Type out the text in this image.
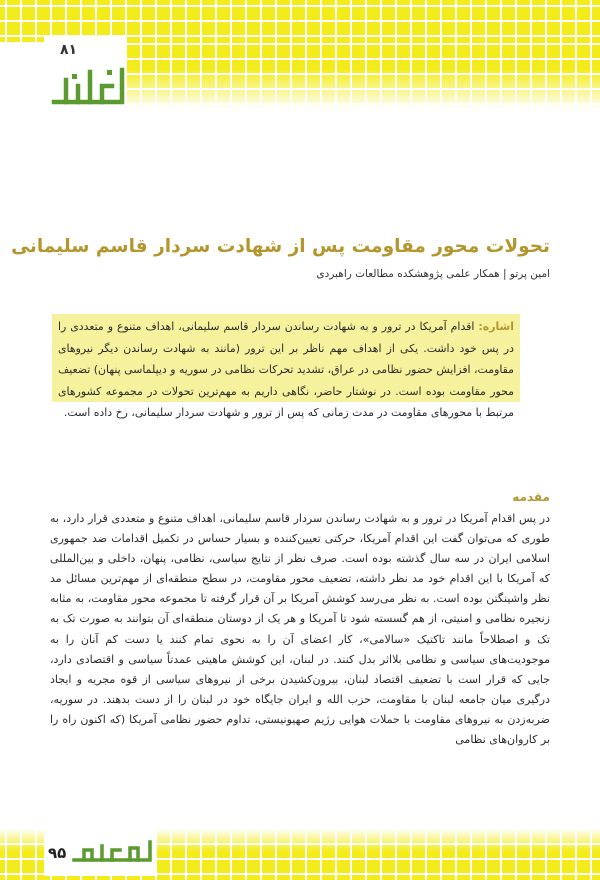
۸۱
تحولات محور مقاومت پس از شهادت سردار قاسم سلیمانی
امین پرتو | همکار علمی پژوهشکده مطالعات راهبردی

اشاره: اقدام آمریکا در ترور و به شهادت رساندن سردار قاسم سلیمانی، اهداف متنوع و متعددی را در پس خود داشت. یکی از اهداف مهم ناظر بر این ترور (مانند به شهادت رساندن دیگر نیروهای مقاومت، افزایش حضور نظامی در عراق، تشدید تحرکات نظامی در سوریه و دیپلماسی پنهان) تضعیف محور مقاومت بوده است. در نوشتار حاضر، نگاهی داریم به مهم‌ترین تحولات در مجموعه کشورهای مرتبط با محورهای مقاومت در مدت زمانی که پس از ترور و شهادت سردار سلیمانی، رخ داده است.

مقدمه

در پس اقدام آمریکا در ترور و به شهادت رساندن سردار قاسم سلیمانی، اهداف متنوع و متعددی قرار دارد، به طوری که می‌توان گفت این اقدام آمریکا، حرکتی تعیین‌کننده و بسیار حساس در تکمیل اقدامات ضد جمهوری اسلامی ایران در سه سال گذشته بوده است. صرف نظر از نتایج سیاسی، نظامی، پنهان، داخلی و بین‌المللی که آمریکا با این اقدام خود مد نظر داشته، تضعیف محور مقاومت، در سطح منطقه‌ای از مهم‌ترین مسائل مد نظر واشینگتن بوده است. به نظر می‌رسد کوشش آمریکا بر آن قرار گرفته تا مجموعه محور مقاومت، به مثابه زنجیره نظامی و امنیتی، از هم گسسته شود تا آمریکا و هر یک از دوستان منطقه‌ای آن بتوانند به صورت تک به تک و اصطلاحاً مانند تاکتیک «سالامی»، کار اعضای آن را به نحوی تمام کنند یا دست کم آنان را به موجودیت‌های سیاسی و نظامی بلااثر بدل کنند. در لبنان، این کوشش ماهیتی عمدتاً سیاسی و اقتصادی دارد، جایی که قرار است با تضعیف اقتصاد لبنان، بیرون‌کشیدن برخی از نیروهای سیاسی از قوه مجریه و ایجاد درگیری میان جامعه لبنان با مقاومت، حزب الله و ایران جایگاه خود در لبنان را از دست بدهند. در سوریه، ضربه‌زدن به نیروهای مقاومت با حملات هوایی رژیم صهیونیستی، تداوم حضور نظامی آمریکا (که اکنون راه را بر کاروان‌های نظامی

۹۵
